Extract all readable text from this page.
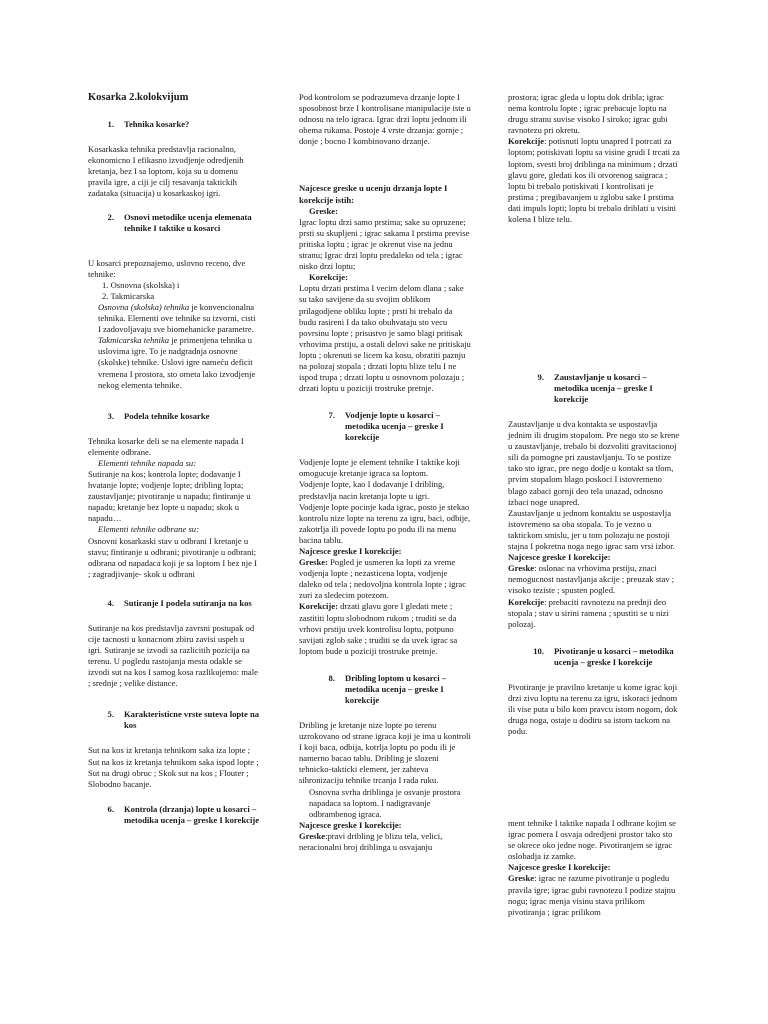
Kosarka 2.kolokvijum
1.	Tehnika kosarke?

Kosarkaska tehnika predstavlja racionalno, ekonomicno I efikasno izvodjenje odredjenih kretanja, bez I sa loptom, koja su u domenu pravila igre, a ciji je cilj resavanja taktickih zadataka (situacija) u kosarkaskoj igri.

2.	Osnovi metodike ucenja elemenata tehnike I taktike u kosarci

U kosarci prepoznajemo, uslovno receno, dve tehnike:

1. Osnovna (skolska) i

2. Takmicarska

Osnovna (skolska) tehnika je konvencionalna tehnika. Elementi ove tehnike su izvorni, cisti I zadovoljavaju sve biomehanicke parametre.

Takmicarska tehnika je primenjena tehnika u uslovima igre. To je nadgradnja osnovne (skolske) tehnike. Uslovi igre nameću deficit vremena I prostora, sto ometa lako izvodjenje nekog elementa tehnike.

3.	Podela tehnike kosarke

Tehnika kosarke deli se na elemente napada I elemente odbrane.

Elementi tehnike napada su:

Sutiranje na kos; kontrola lopte; dodavanje I hvatanje lopte; vodjenje lopte; dribling lopta; zaustavljanje; pivotiranje u napadu; fintiranje u napadu; kretanje bez lopte u napadu; skok u napadu…

Elementi tehnike odbrane su:

Osnovni kosarkaski stav u odbrani I kretanje u stavu; fintiranje u odbrani; pivotiranje u odbrani; odbrana od napadaca koji je sa loptom I bez nje I ; zagradjivanje- skok u odbrani

4.	Sutiranje I podela sutiranja na kos

Sutiranje na kos predstavlja zavrsni postupak od cije tacnosti u konacnom zbiru zavisi uspeh u igri. Sutiranje se izvodi sa razlicitih pozicija na terenu. U pogledu rastojanja mesta odakle se izvodi sut na kos I samog kosa razlikujemo: male ; srednje ; velike distance.

5.	Karakteristicne vrste suteva lopte na kos

Sut na kos iz kretanja tehnikom saka iza lopte ; Sut na kos iz kretanja tehnikom saka ispod lopte ; Sut na drugi obruc ; Skok sut na kos ; Flouter ; Slobodno bacanje.

6.	Kontrola (drzanja) lopte u kosarci – metodika ucenja – greske I korekcije

Pod kontrolom se podrazumeva drzanje lopte I sposobnost brze I kontrolisane manipulacije iste u odnosu na telo igraca. Igrac drzi loptu jednom ili obema rukama. Postoje 4 vrste drzanja: gornje ; donje ; bocno I kombinovano drzanje.

Najcesce greske u ucenju drzanja lopte I korekcije istih:

Greske:

Igrac loptu drzi samo prstima; sake su opruzene; prsti su skupljeni ; igrac sakama I prstima previse pritiska loptu ; igrac je okrenut vise na jednu stranu; Igrac drzi loptu predaleko od tela ; igrac nisko drzi loptu;

Korekcije:

Loptu drzati prstima I vecim delom dlana ; sake su tako savijene da su svojim oblikom prilagodjene obliku lopte ; prsti bi trebalo da budu rasireni I da tako obuhvataju sto vecu povrsinu lopte ; prisustvo je samo blagi pritisak vrhovima prstiju, a ostali delovi sake ne pritiskaju loptu ; okrenuti se licem ka kosu, obratiti paznju na polozaj stopala ; drzati loptu blize telu I ne ispod trupa ; drzati loptu u osnovnom polozaju ; drzati loptu u poziciji trostruke pretnje.

7.	Vodjenje lopte u kosarci – metodika ucenja – greske I korekcije

Vodjenje lopte je element tehnike I taktike koji omogucuje kretanje igraca sa loptom.

Vodjenje lopte, kao I dodavanje I dribling, predstavlja nacin kretanja lopte u igri.

Vodjenje lopte pocinje kada igrac, posto je stekao kontrolu nize lopte na terenu za igru, baci, odbije, zakotrlja ili povede loptu po podu ili na menu bacina tablu.

Najcesce greske I korekcije:

Greske: Pogled je usmeren ka lopti za vreme vodjenja lopte ; nezasticena lopta, vodjenje daleko od tela ; nedovoljna kontrola lopte ; igrac zuri za sledecim potezom.

Korekcije: drzati glavu gore I gledati mete ; zastititi loptu slobodnom rukom ; truditi se da vrhovi prstiju uvek kontrolisu loptu, potpuno savijati zglob sake ; truditi se da uvek igrac sa loptom bude u poziciji trostruke pretnje.

8.	Dribling loptom u kosarci – metodika ucenja – greske I korekcije

Dribling je kretanje nize lopte po terenu uzrokovano od strane igraca koji je ima u kontroli I koji baca, odbija, kotrlja loptu po podu ili je namerno bacao tablu. Dribling je slozeni tehnicko-takticki element, jer zahteva sihronizaciju tehnike trcanja I rada ruku.

Osnovna svrha driblinga je osvanje prostora napadaca sa loptom. I nadigravanje odbrambenog igraca.

Najcesce greske I korekcije:

Greske:pravi dribling je blizu tela, velici, neracionalni broj driblinga u osvajanju

prostora; igrac gleda u loptu dok dribla; igrac nema kontrolu lopte ; igrac prebacuje loptu na drugu stranu suvise visoko I siroko; igrac gubi ravnotezu pri okretu.

Korekcije: potisnuti loptu unapred I potrcati za loptom; potiskivati loptu sa visine grudi I trcati za loptom, svesti broj driblinga na minimum ; drzati glavu gore, gledati kos ili otvorenog saigraca ; loptu bi trebalo potiskivati I kontrolisati je prstima ; pregibavanjem u zglobu sake I prstima dati impuls lopti; loptu bi trebalo driblati u visini kolena I blize telu.

9.	Zaustavljanje u kosarci – metodika ucenja – greske I korekcije

Zaustavljanje u dva kontakta se uspostavlja jednim ili drugim stopalom. Pre nego sto se krene u zaustavljanje, trebalo bi dozvoliti gravitacionoj sili da pomogne pri zaustavljanju. To se postize tako sto igrac, pre nego dodje u kontakt sa tlom, prvim stopalom blago poskoci I istovremeno blago zabaci gornji deo tela unazad, odnosno izbaci noge unapred.

Zaustavljanje u jednom kontaktu se uspostavlja istovremeno sa oba stopala. To je vezno u taktickom smislu, jer u tom polozaju ne postoji stajna I pokretna noga nego igrac sam vrsi izbor.

Najcesce greske I korekcije:

Greske: oslonac na vrhovima prstiju, znaci nemogucnost nastavljanja akcije ; preuzak stav ; visoko teziste ; spusten pogled.

Korekcije: prebaciti ravnotezu na prednji deo stopala ; stav u sirini ramena ; spustiti se u nizi polozaj.

10.	Pivotiranje u kosarci – metodika ucenja – greske I korekcije

Pivotiranje je pravilno kretanje u kome igrac koji drzi zivu loptu na terenu za igru, iskoraci jednom ili vise puta u bilo kom pravcu istom nogom, dok druga noga, ostaje u dodiru sa istom tackom na podu.

ment tehnike I taktike napada I odbrane kojim se igrac pomera I osvaja odredjeni prostor tako sto se okrece oko jedne noge. Pivotiranjem se igrac oslobadja iz zamke.

Najcesce greske I korekcije:

Greske: igrac ne razume pivotiranje u pogledu pravila igre; igrac gubi ravnotezu I podize stajnu nogu; igrac menja visinu stava prilikom pivotiranja ; igrac prilikom
